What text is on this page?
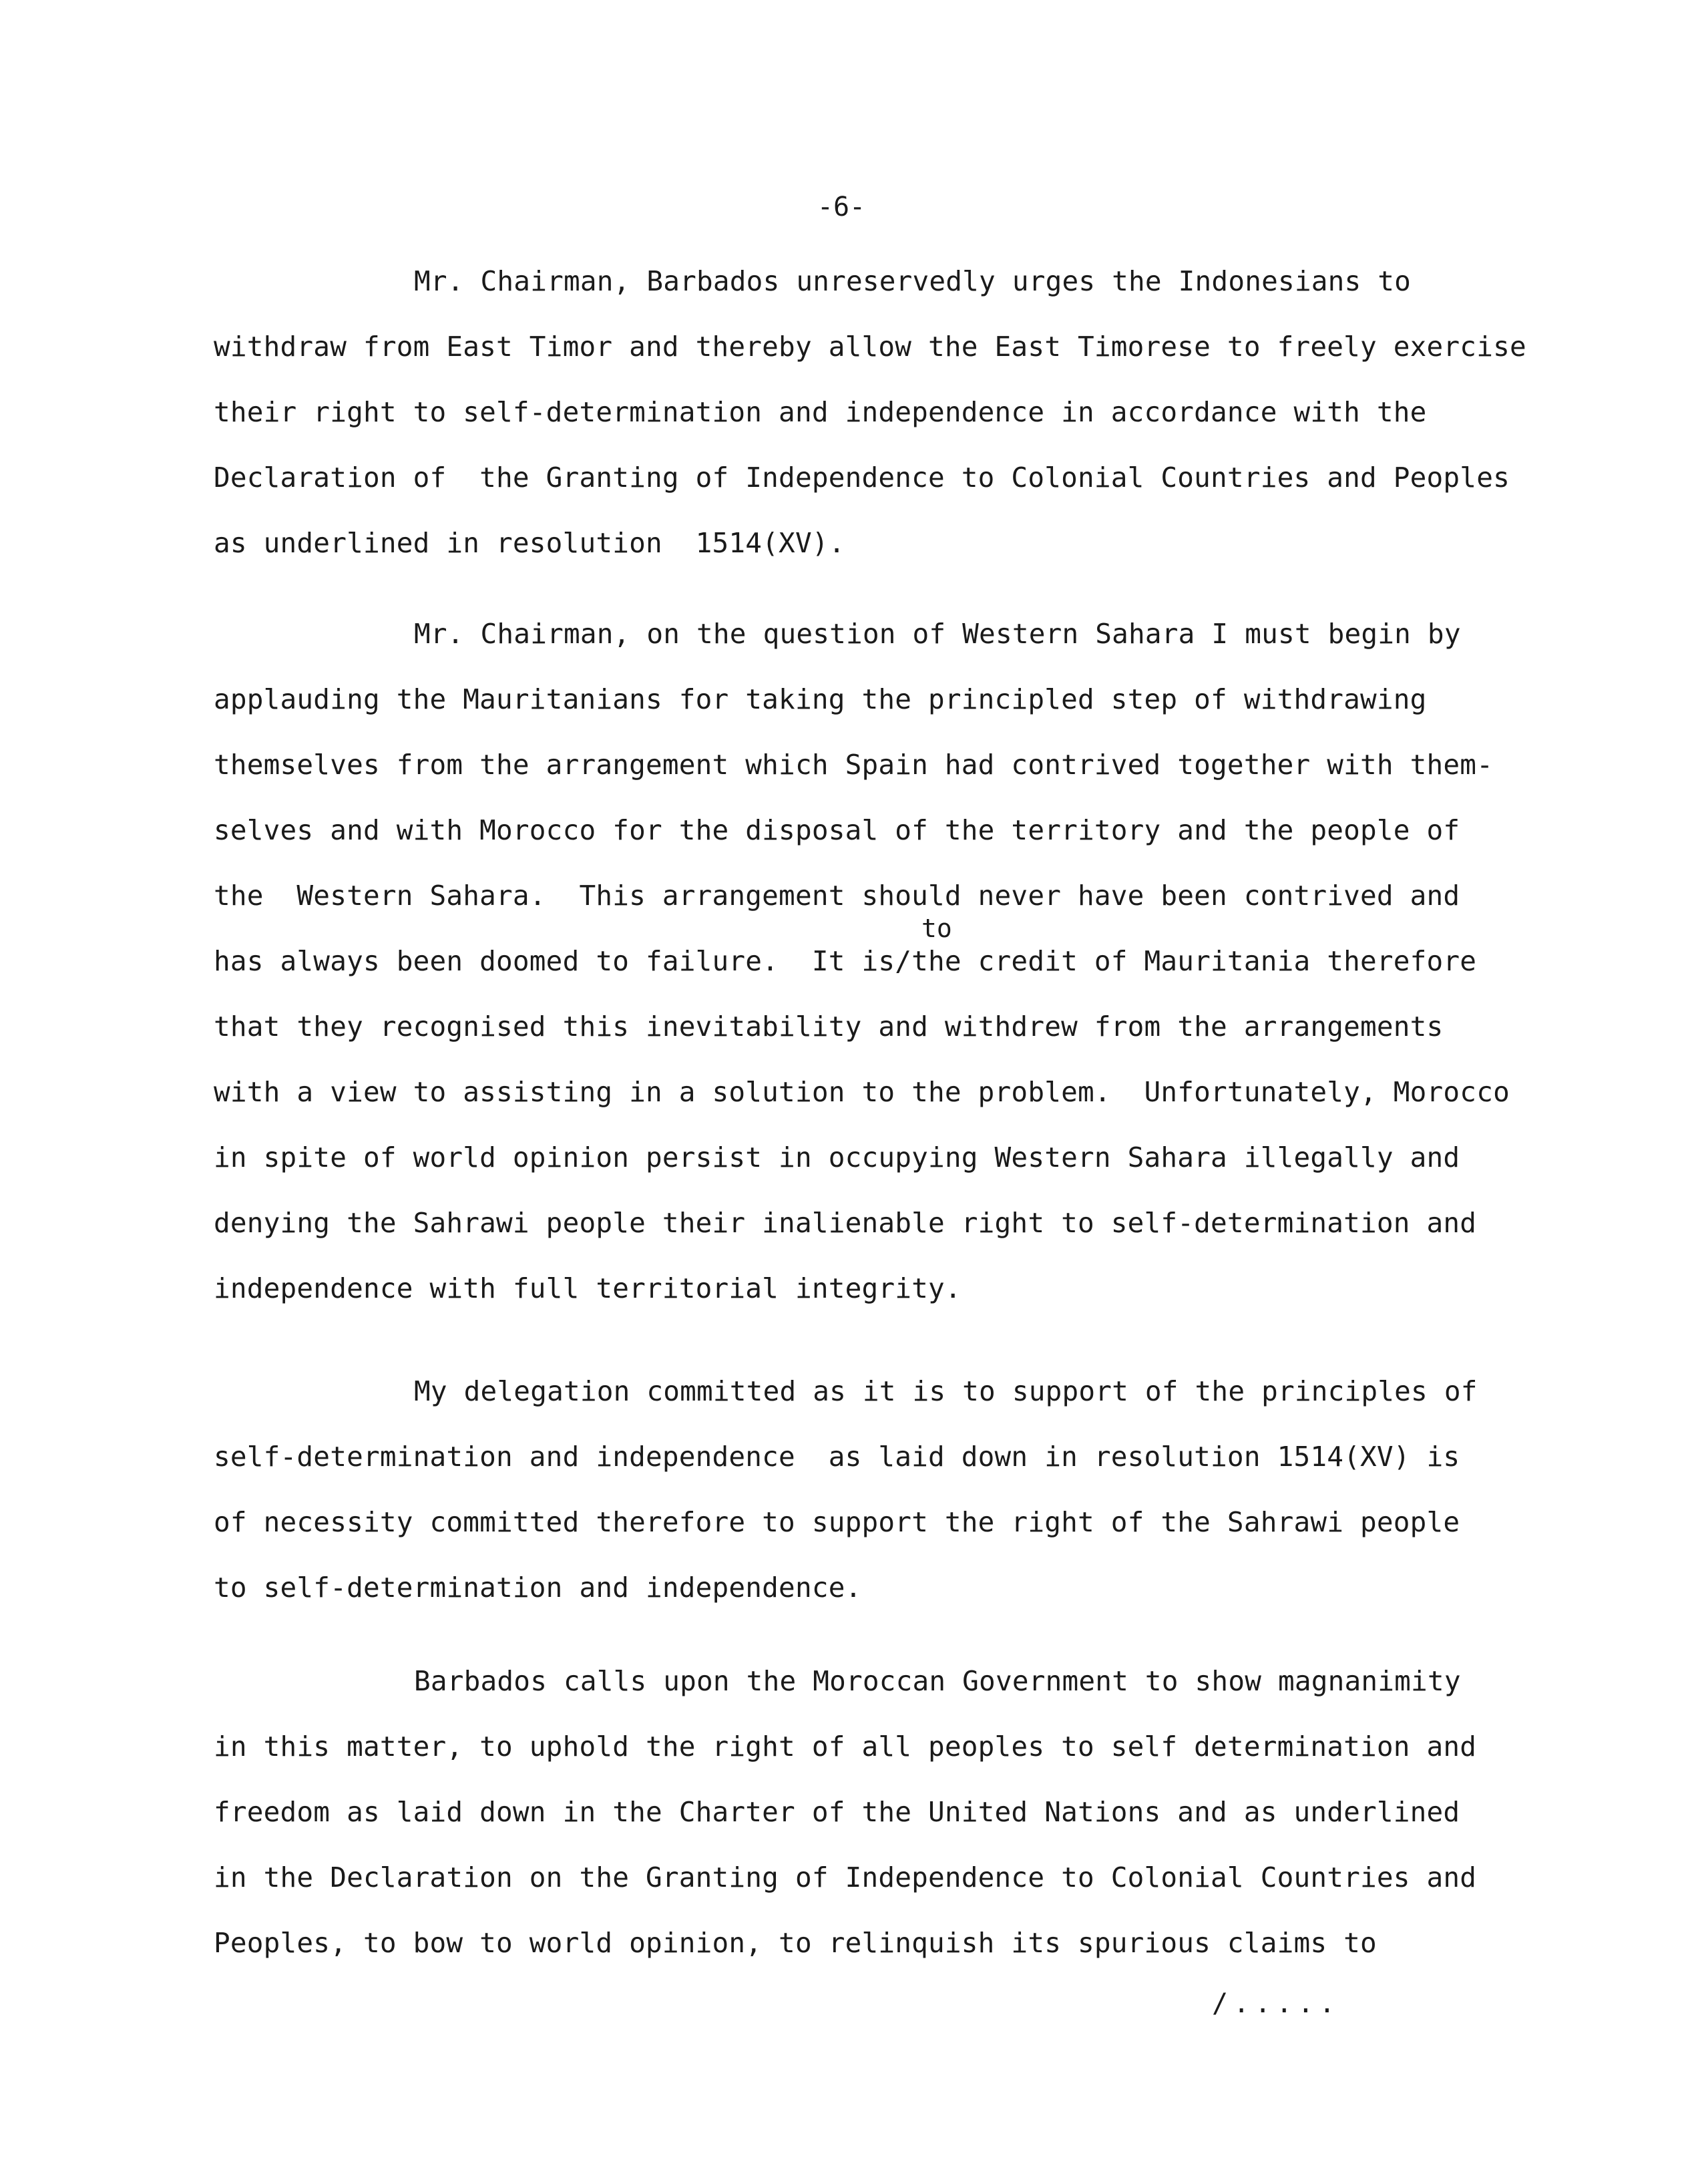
-6-
Mr. Chairman, Barbados unreservedly urges the Indonesians to
withdraw from East Timor and thereby allow the East Timorese to freely exercise
their right to self-determination and independence in accordance with the
Declaration of  the Granting of Independence to Colonial Countries and Peoples
as underlined in resolution  1514(XV).
Mr. Chairman, on the question of Western Sahara I must begin by
applauding the Mauritanians for taking the principled step of withdrawing
themselves from the arrangement which Spain had contrived together with them-
selves and with Morocco for the disposal of the territory and the people of
the  Western Sahara.  This arrangement should never have been contrived and
has always been doomed to failure.  It is/the credit of Mauritania therefore
that they recognised this inevitability and withdrew from the arrangements
with a view to assisting in a solution to the problem.  Unfortunately, Morocco
in spite of world opinion persist in occupying Western Sahara illegally and
denying the Sahrawi people their inalienable right to self-determination and
independence with full territorial integrity.
to
My delegation committed as it is to support of the principles of
self-determination and independence  as laid down in resolution 1514(XV) is
of necessity committed therefore to support the right of the Sahrawi people
to self-determination and independence.
Barbados calls upon the Moroccan Government to show magnanimity
in this matter, to uphold the right of all peoples to self determination and
freedom as laid down in the Charter of the United Nations and as underlined
in the Declaration on the Granting of Independence to Colonial Countries and
Peoples, to bow to world opinion, to relinquish its spurious claims to
/.....
